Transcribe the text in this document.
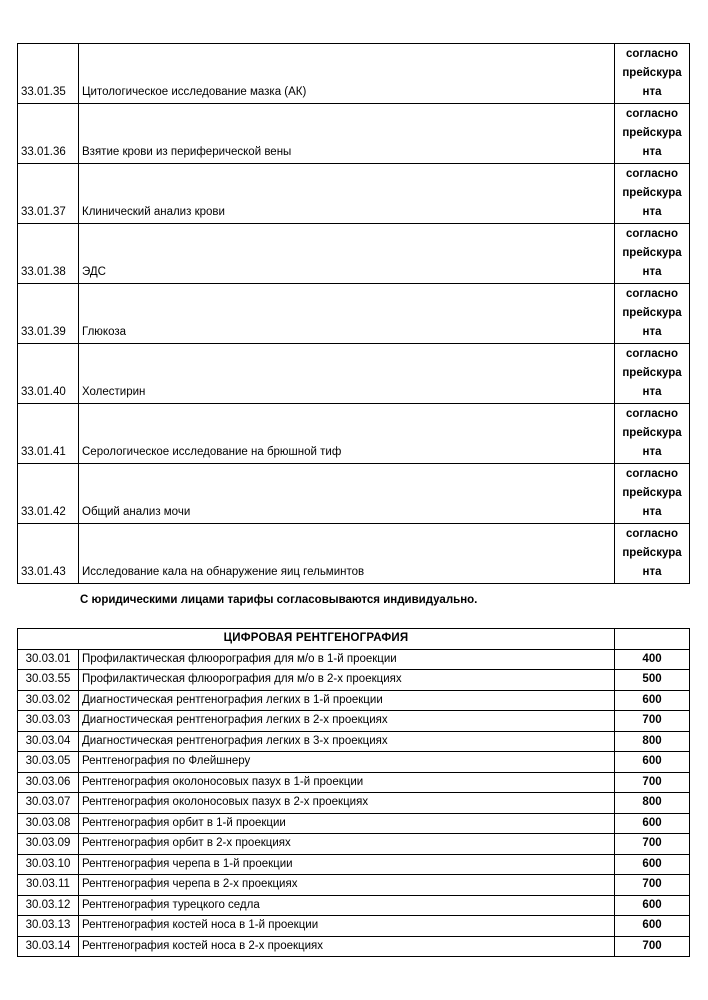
33.01.35	Цитологическое исследование мазка (АК)	согласно
прейскура
нта

33.01.36	Взятие крови из периферической вены	согласно
прейскура
нта

33.01.37	Клинический анализ крови	согласно
прейскура
нта

33.01.38	ЭДС	согласно
прейскура
нта

33.01.39	Глюкоза	согласно
прейскура
нта

33.01.40	Холестирин	согласно
прейскура
нта

33.01.41	Серологическое исследование на брюшной тиф	согласно
прейскура
нта

33.01.42	Общий анализ мочи	согласно
прейскура
нта

33.01.43	Исследование кала на обнаружение яиц гельминтов	согласно
прейскура
нта
С юридическими лицами тарифы согласовываются индивидуально.
ЦИФРОВАЯ РЕНТГЕНОГРАФИЯ		
30.03.01	Профилактическая флюорография для м/о в 1-й проекции	400
30.03.55	Профилактическая флюорография для м/о в 2-х проекциях	500
30.03.02	Диагностическая рентгенография легких в 1-й проекции	600
30.03.03	Диагностическая рентгенография легких в 2-х проекциях	700
30.03.04	Диагностическая рентгенография легких в 3-х проекциях	800
30.03.05	Рентгенография по Флейшнеру	600
30.03.06	Рентгенография околоносовых пазух в 1-й проекции	700
30.03.07	Рентгенография околоносовых пазух в 2-х проекциях	800
30.03.08	Рентгенография орбит в 1-й проекции	600
30.03.09	Рентгенография орбит в 2-х проекциях	700
30.03.10	Рентгенография черепа в 1-й проекции	600
30.03.11	Рентгенография черепа в 2-х проекциях	700
30.03.12	Рентгенография турецкого седла	600
30.03.13	Рентгенография костей носа в 1-й проекции	600
30.03.14	Рентгенография костей носа в 2-х проекциях	700
